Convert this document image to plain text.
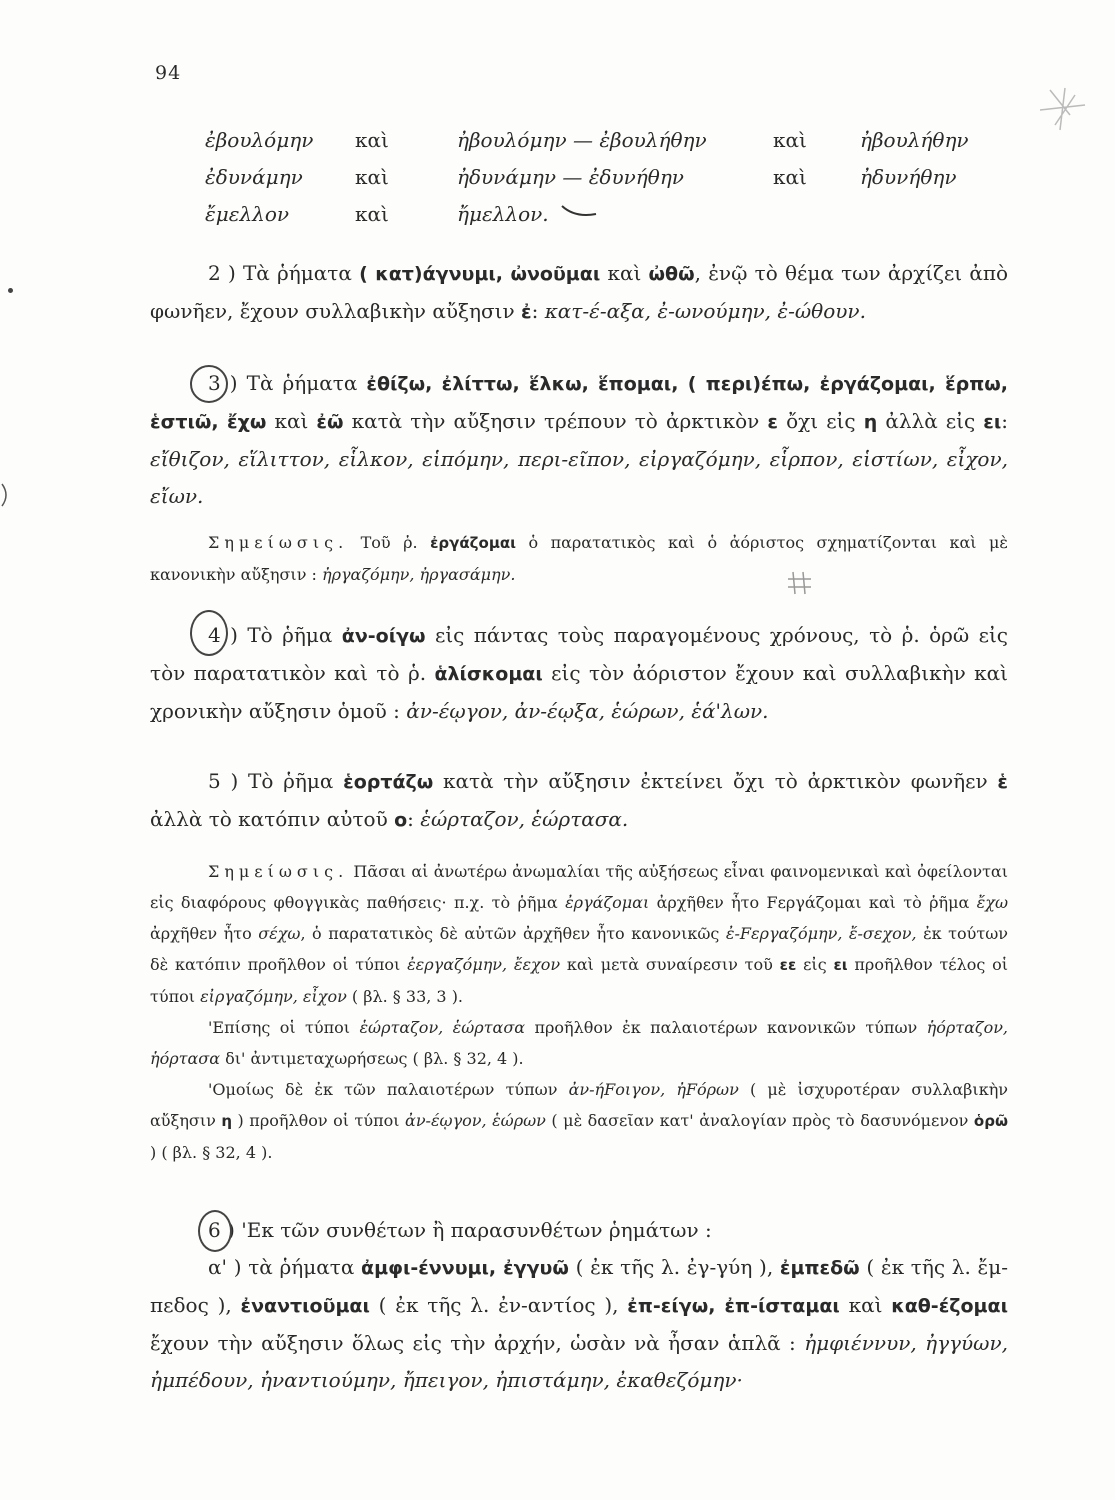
94
ἐβουλόμην καὶ	ἠβουλόμην — ἐβουλήθην	καὶ	ἠβουλήθην
ἐδυνάμην	καὶ	ἠδυνάμην — ἐδυνήθην	καὶ	ἠδυνήθην
ἔμελλον	καὶ	ἤμελλον.

2 ) Τὰ ῥήματα ( κατ)άγνυμι, ὠνοῦμαι καὶ ὠθῶ, ἐνῷ τὸ θέμα των ἀρχίζει ἀπὸ φωνῆεν, ἔχουν συλλαβικὴν αὔξησιν ἐ: κατ-έ-αξα, ἐ-ωνούμην, ἐ-ώθουν.

3 ) Τὰ ῥήματα ἐθίζω, ἐλίττω, ἕλκω, ἕπομαι, ( περι)έπω, ἐργάζομαι, ἕρπω, ἑστιῶ, ἔχω καὶ ἐῶ κατὰ τὴν αὔξησιν τρέπουν τὸ ἀρκτικὸν ε ὄχι εἰς η ἀλλὰ εἰς ει: εἴθιζον, εἵλιττον, εἷλκον, εἱπόμην, περι-εῖπον, εἰργαζόμην, εἷρπον, εἱστίων, εἶχον, εἴων.

Σημείωσις. Τοῦ ῥ. ἐργάζομαι ὁ παρατατικὸς καὶ ὁ ἀόριστος σχηματίζονται καὶ μὲ κανονικὴν αὔξησιν : ἠργαζόμην, ἠργασάμην.

4 ) Τὸ ῥῆμα ἀν-οίγω εἰς πάντας τοὺς παραγομένους χρόνους, τὸ ῥ. ὁρῶ εἰς τὸν παρατατικὸν καὶ τὸ ῥ. ἁλίσκομαι εἰς τὸν ἀόριστον ἔχουν καὶ συλλαβικὴν καὶ χρονικὴν αὔξησιν ὁμοῦ : ἀν-έῳγον, ἀν-έῳξα, ἑώρων, ἑά'λων.

5 ) Τὸ ῥῆμα ἑορτάζω κατὰ τὴν αὔξησιν ἐκτείνει ὄχι τὸ ἀρκτικὸν φωνῆεν ἑ ἀλλὰ τὸ κατόπιν αὐτοῦ ο: ἑώρταζον, ἑώρτασα.

Σημείωσις. Πᾶσαι αἱ ἀνωτέρω ἀνωμαλίαι τῆς αὐξήσεως εἶναι φαινομενικαὶ καὶ ὀφείλονται εἰς διαφόρους φθογγικὰς παθήσεις· π.χ. τὸ ῥῆμα ἐργάζομαι ἀρχῆθεν ἦτο Fεργάζομαι καὶ τὸ ῥῆμα ἔχω ἀρχῆθεν ἦτο σέχω, ὁ παρατατικὸς δὲ αὐτῶν ἀρχῆθεν ἦτο κανονικῶς ἐ-Fεργαζόμην, ἔ-σεχον, ἐκ τούτων δὲ κατόπιν προῆλθον οἱ τύποι ἐεργαζόμην, ἔεχον καὶ μετὰ συναίρεσιν τοῦ εε εἰς ει προῆλθον τέλος οἱ τύποι εἰργαζόμην, εἶχον ( βλ. § 33, 3 ).

'Επίσης οἱ τύποι ἑώρταζον, ἑώρτασα προῆλθον ἐκ παλαιοτέρων κανονικῶν τύπων ἡόρταζον, ἡόρτασα δι' ἀντιμεταχωρήσεως ( βλ. § 32, 4 ).

'Ομοίως δὲ ἐκ τῶν παλαιοτέρων τύπων ἀν-ήFοιγον, ἠFόρων ( μὲ ἰσχυροτέραν συλλαβικὴν αὔξησιν η ) προῆλθον οἱ τύποι ἀν-έῳγον, ἑώρων ( μὲ δασεῖαν κατ' ἀναλογίαν πρὸς τὸ δασυνόμενον ὁρῶ ) ( βλ. § 32, 4 ).

6 ) 'Εκ τῶν συνθέτων ἢ παρασυνθέτων ῥημάτων :

α' ) τὰ ῥήματα ἀμφι-έννυμι, ἐγγυῶ ( ἐκ τῆς λ. ἐγ-γύη ), ἐμπεδῶ ( ἐκ τῆς λ. ἔμ-πεδος ), ἐναντιοῦμαι ( ἐκ τῆς λ. ἐν-αντίος ), ἐπ-είγω, ἐπ-ίσταμαι καὶ καθ-έζομαι ἔχουν τὴν αὔξησιν ὅλως εἰς τὴν ἀρχήν, ὡσὰν νὰ ἦσαν ἁπλᾶ : ἠμφιέννυν, ἠγγύων, ἠμπέδουν, ἠναντιούμην, ἤπειγον, ἠπιστάμην, ἐκαθεζόμην·
